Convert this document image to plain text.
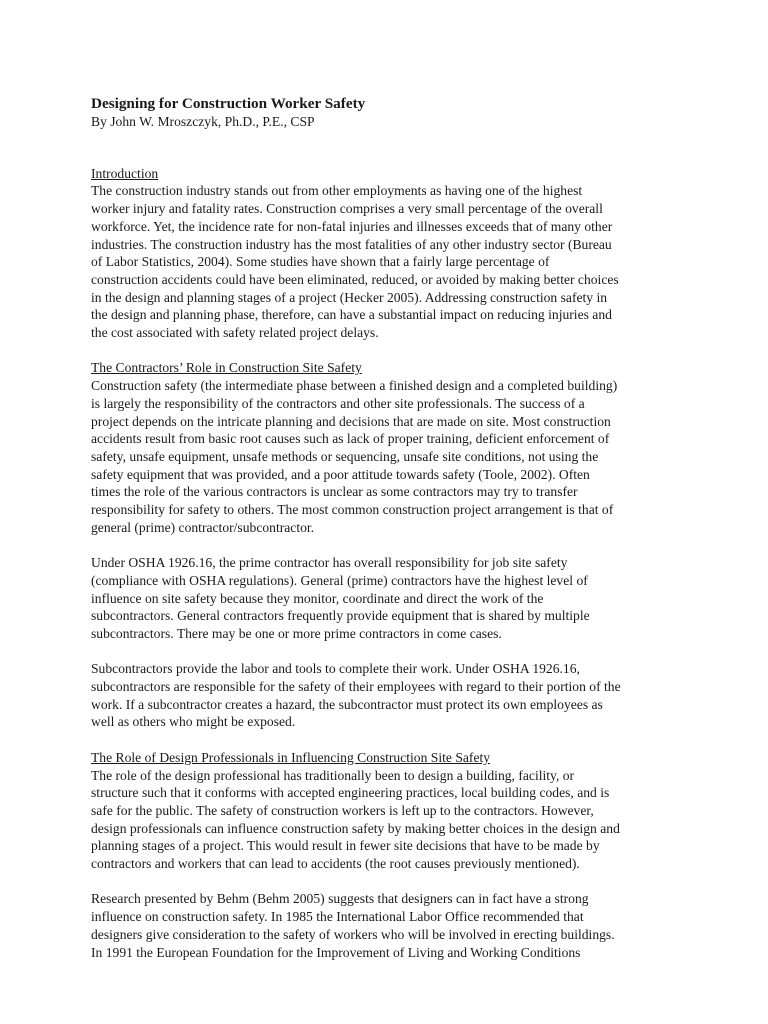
Designing for Construction Worker Safety

By John W. Mroszczyk, Ph.D., P.E., CSP

Introduction

The construction industry stands out from other employments as having one of the highest
worker injury and fatality rates. Construction comprises a very small percentage of the overall
workforce. Yet, the incidence rate for non-fatal injuries and illnesses exceeds that of many other
industries. The construction industry has the most fatalities of any other industry sector (Bureau
of Labor Statistics, 2004). Some studies have shown that a fairly large percentage of
construction accidents could have been eliminated, reduced, or avoided by making better choices
in the design and planning stages of a project (Hecker 2005). Addressing construction safety in
the design and planning phase, therefore, can have a substantial impact on reducing injuries and
the cost associated with safety related project delays.

The Contractors’ Role in Construction Site Safety

Construction safety (the intermediate phase between a finished design and a completed building)
is largely the responsibility of the contractors and other site professionals. The success of a
project depends on the intricate planning and decisions that are made on site. Most construction
accidents result from basic root causes such as lack of proper training, deficient enforcement of
safety, unsafe equipment, unsafe methods or sequencing, unsafe site conditions, not using the
safety equipment that was provided, and a poor attitude towards safety (Toole, 2002). Often
times the role of the various contractors is unclear as some contractors may try to transfer
responsibility for safety to others. The most common construction project arrangement is that of
general (prime) contractor/subcontractor.

Under OSHA 1926.16, the prime contractor has overall responsibility for job site safety
(compliance with OSHA regulations). General (prime) contractors have the highest level of
influence on site safety because they monitor, coordinate and direct the work of the
subcontractors. General contractors frequently provide equipment that is shared by multiple
subcontractors. There may be one or more prime contractors in come cases.

Subcontractors provide the labor and tools to complete their work. Under OSHA 1926.16,
subcontractors are responsible for the safety of their employees with regard to their portion of the
work. If a subcontractor creates a hazard, the subcontractor must protect its own employees as
well as others who might be exposed.

The Role of Design Professionals in Influencing Construction Site Safety

The role of the design professional has traditionally been to design a building, facility, or
structure such that it conforms with accepted engineering practices, local building codes, and is
safe for the public. The safety of construction workers is left up to the contractors. However,
design professionals can influence construction safety by making better choices in the design and
planning stages of a project. This would result in fewer site decisions that have to be made by
contractors and workers that can lead to accidents (the root causes previously mentioned).

Research presented by Behm (Behm 2005) suggests that designers can in fact have a strong
influence on construction safety. In 1985 the International Labor Office recommended that
designers give consideration to the safety of workers who will be involved in erecting buildings.
In 1991 the European Foundation for the Improvement of Living and Working Conditions
